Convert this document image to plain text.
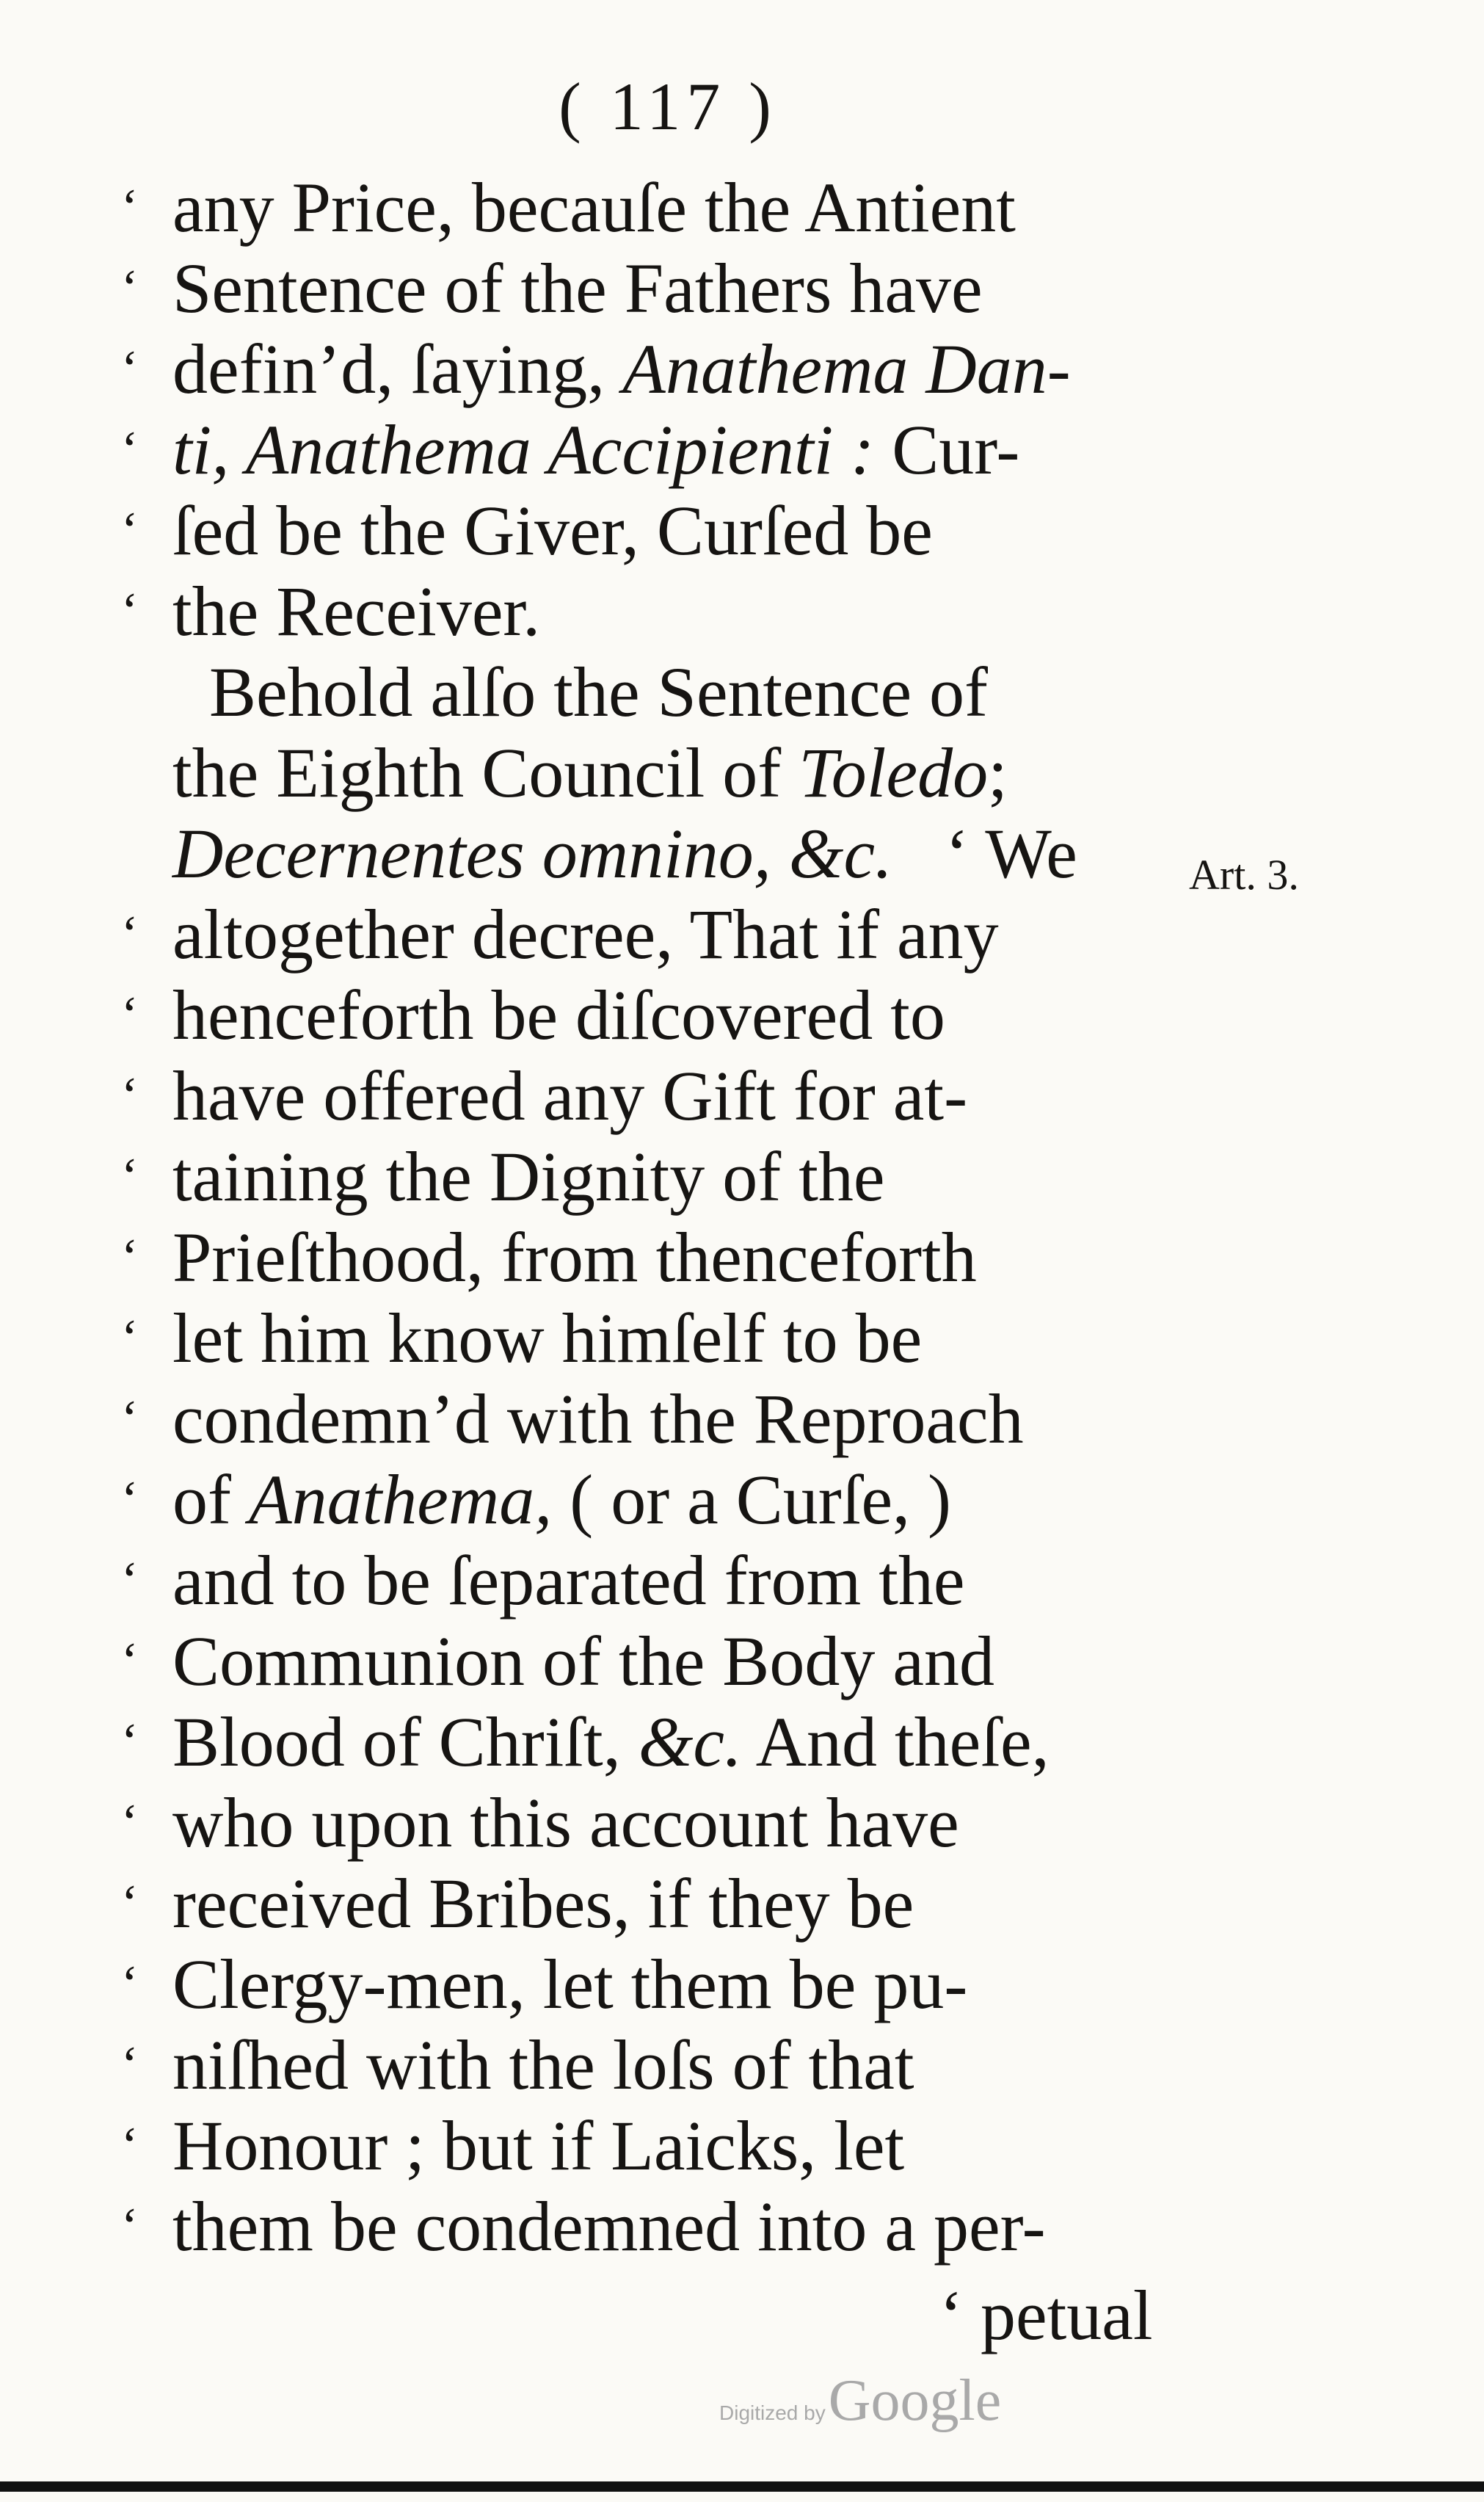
( 117 )
‘ any Price, becauſe the Antient
‘ Sentence of the Fathers have
‘ defin’d, ſaying, Anathema Dan-
‘ ti, Anathema Accipienti : Cur-
‘ ſed be the Giver, Curſed be
‘ the Receiver.
Behold alſo the Sentence of
the Eighth Council of Toledo;
Decernentes omnino, &c.   ‘ We
‘ altogether decree, That if any
‘ henceforth be diſcovered to
‘ have offered any Gift for at-
‘ taining the Dignity of the
‘ Prieſthood, from thenceforth
‘ let him know himſelf to be
‘ condemn’d with the Reproach
‘ of Anathema, ( or a Curſe, )
‘ and to be ſeparated from the
‘ Communion of the Body and
‘ Blood of Chriſt, &c. And theſe,
‘ who upon this account have
‘ received Bribes, if they be
‘ Clergy-men, let them be pu-
‘ niſhed with the loſs of that
‘ Honour ; but if Laicks, let
‘ them be condemned into a per-
Art. 3.
‘ petual
Digitized by Google
